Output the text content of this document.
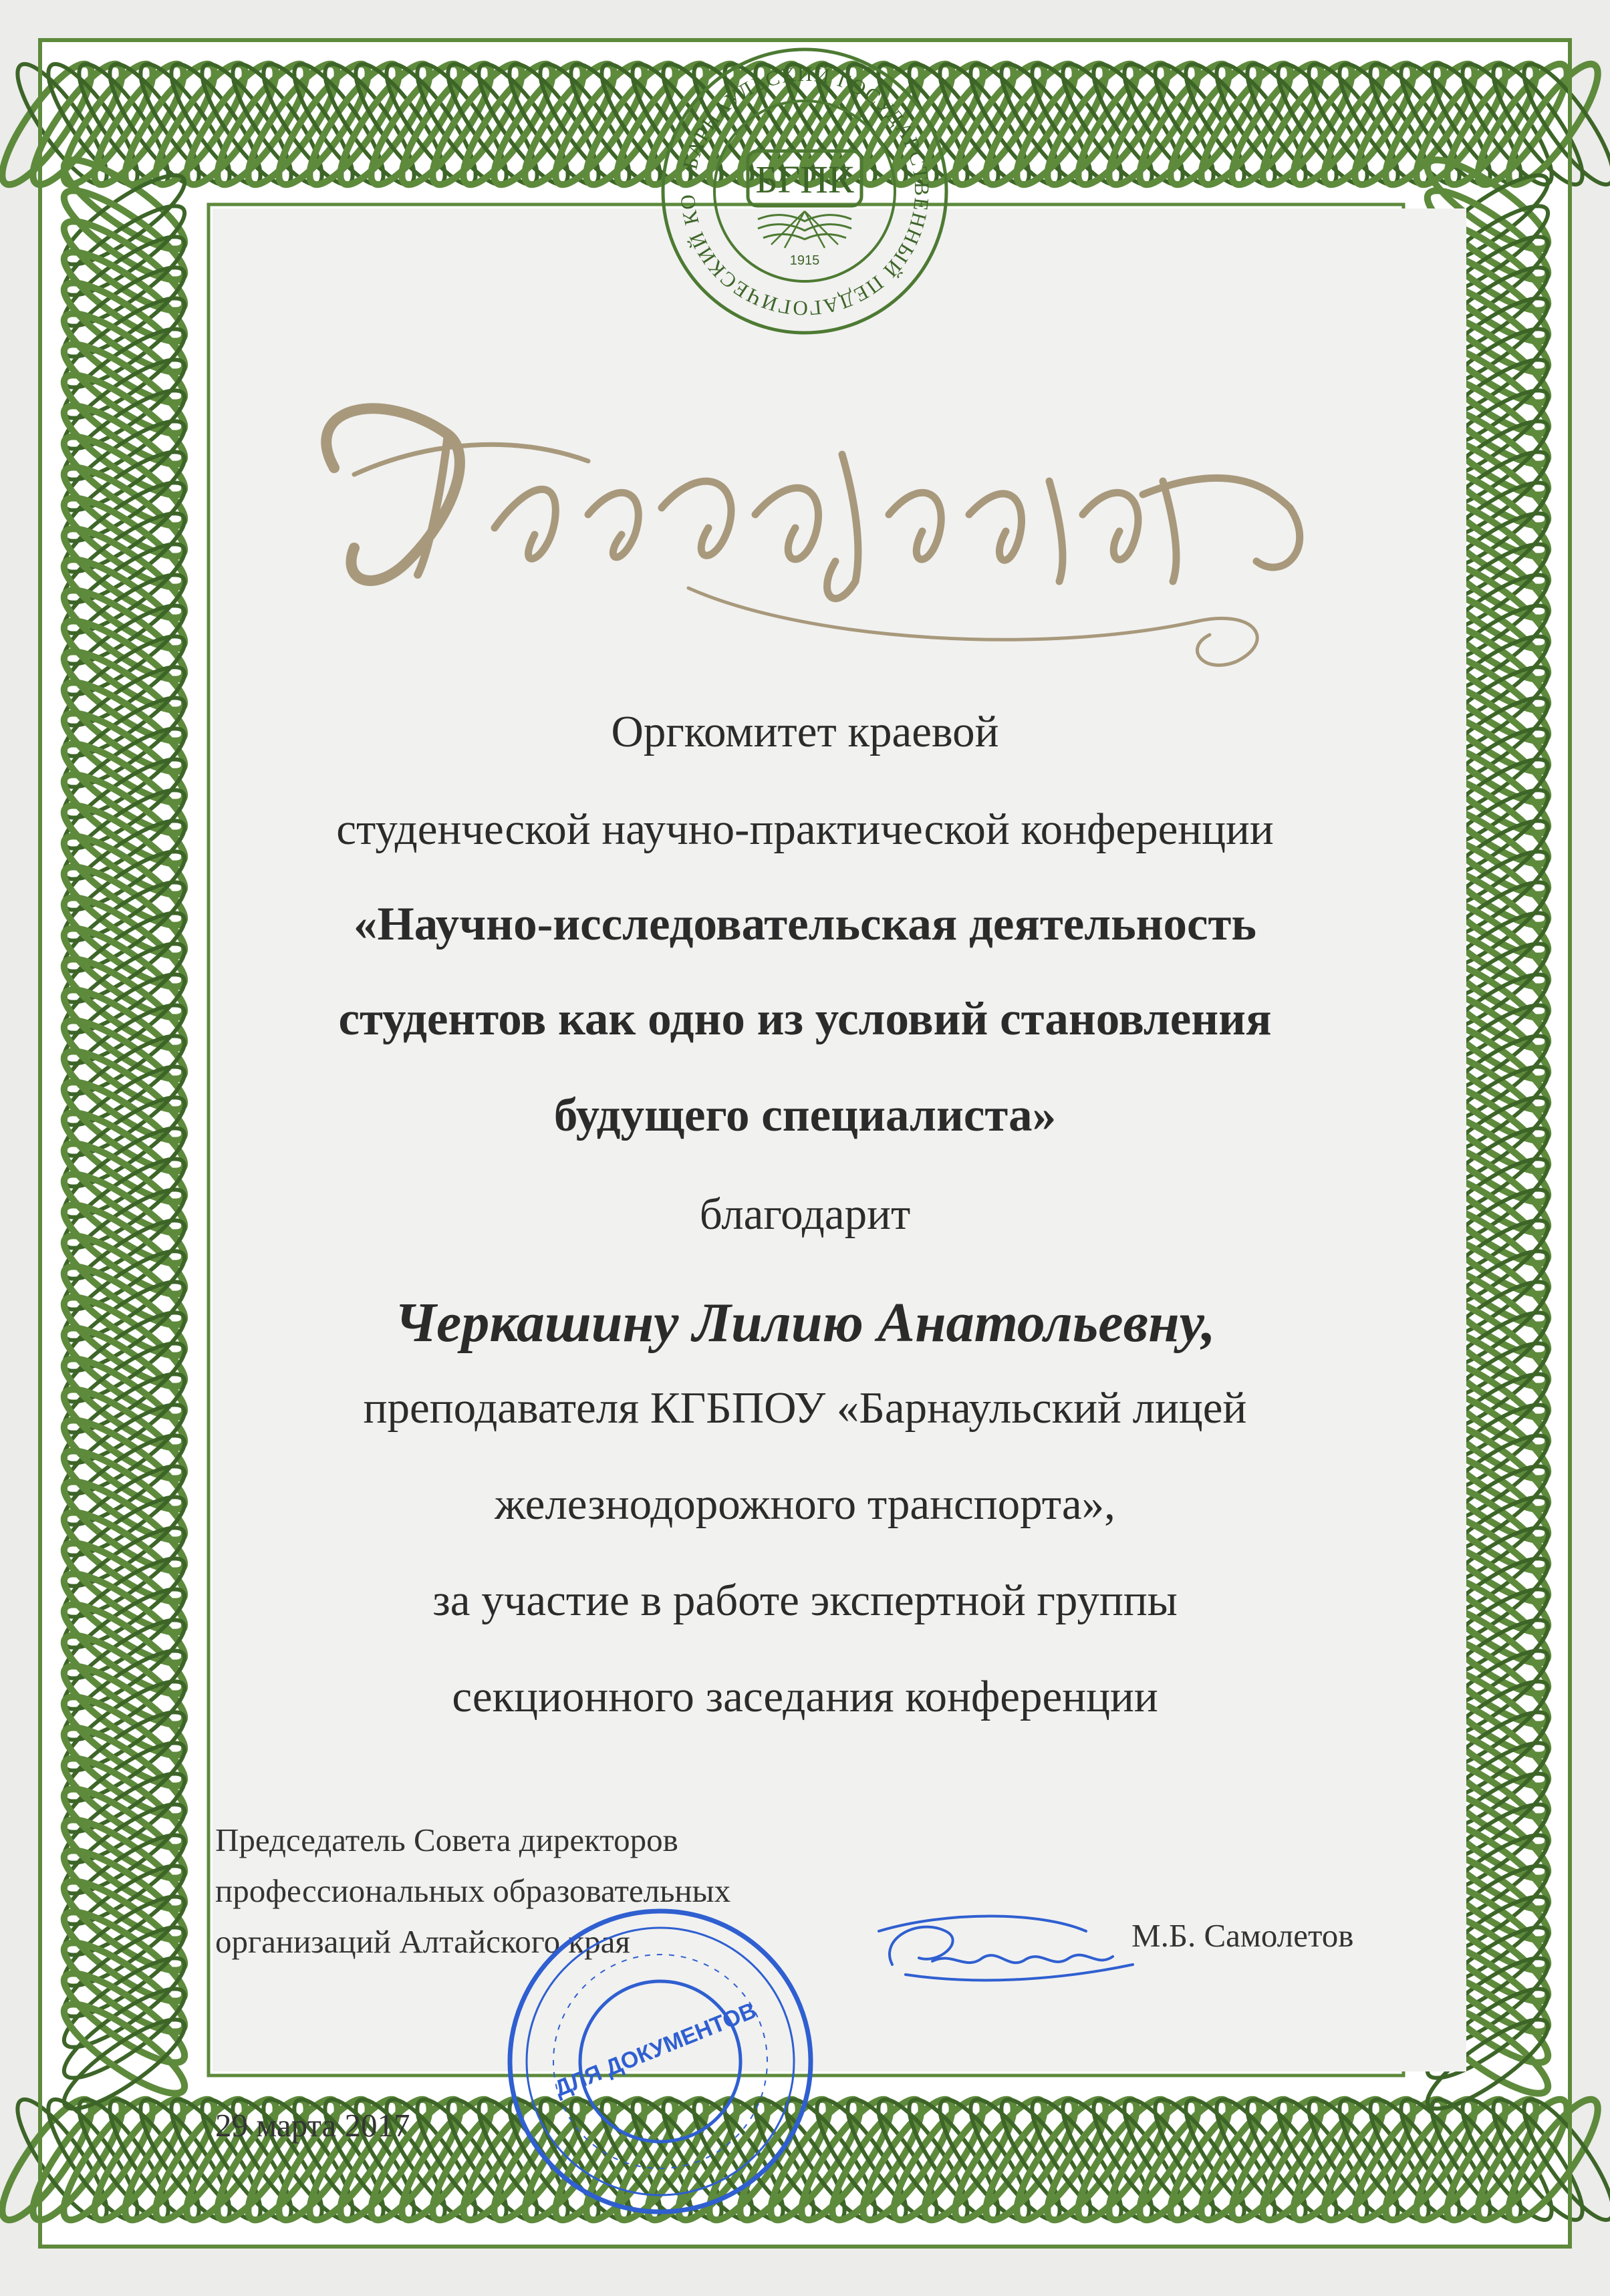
БАРНАУЛЬСКИЙ ГОСУДАРСТВЕННЫЙ ПЕДАГОГИЧЕСКИЙ КО
БГПК
1915
Оргкомитет краевой
студенческой научно-практической конференции
«Научно-исследовательская деятельность
студентов как одно из условий становления
будущего специалиста»
благодарит
Черкашину Лилию Анатольевну,
преподавателя КГБПОУ «Барнаульский лицей
железнодорожного транспорта»,
за участие в работе экспертной группы
секционного заседания конференции
Председатель Совета директоров
профессиональных образовательных
организаций Алтайского края	М.Б. Самолетов
29 марта 2017
ДЛЯ ДОКУМЕНТОВ
